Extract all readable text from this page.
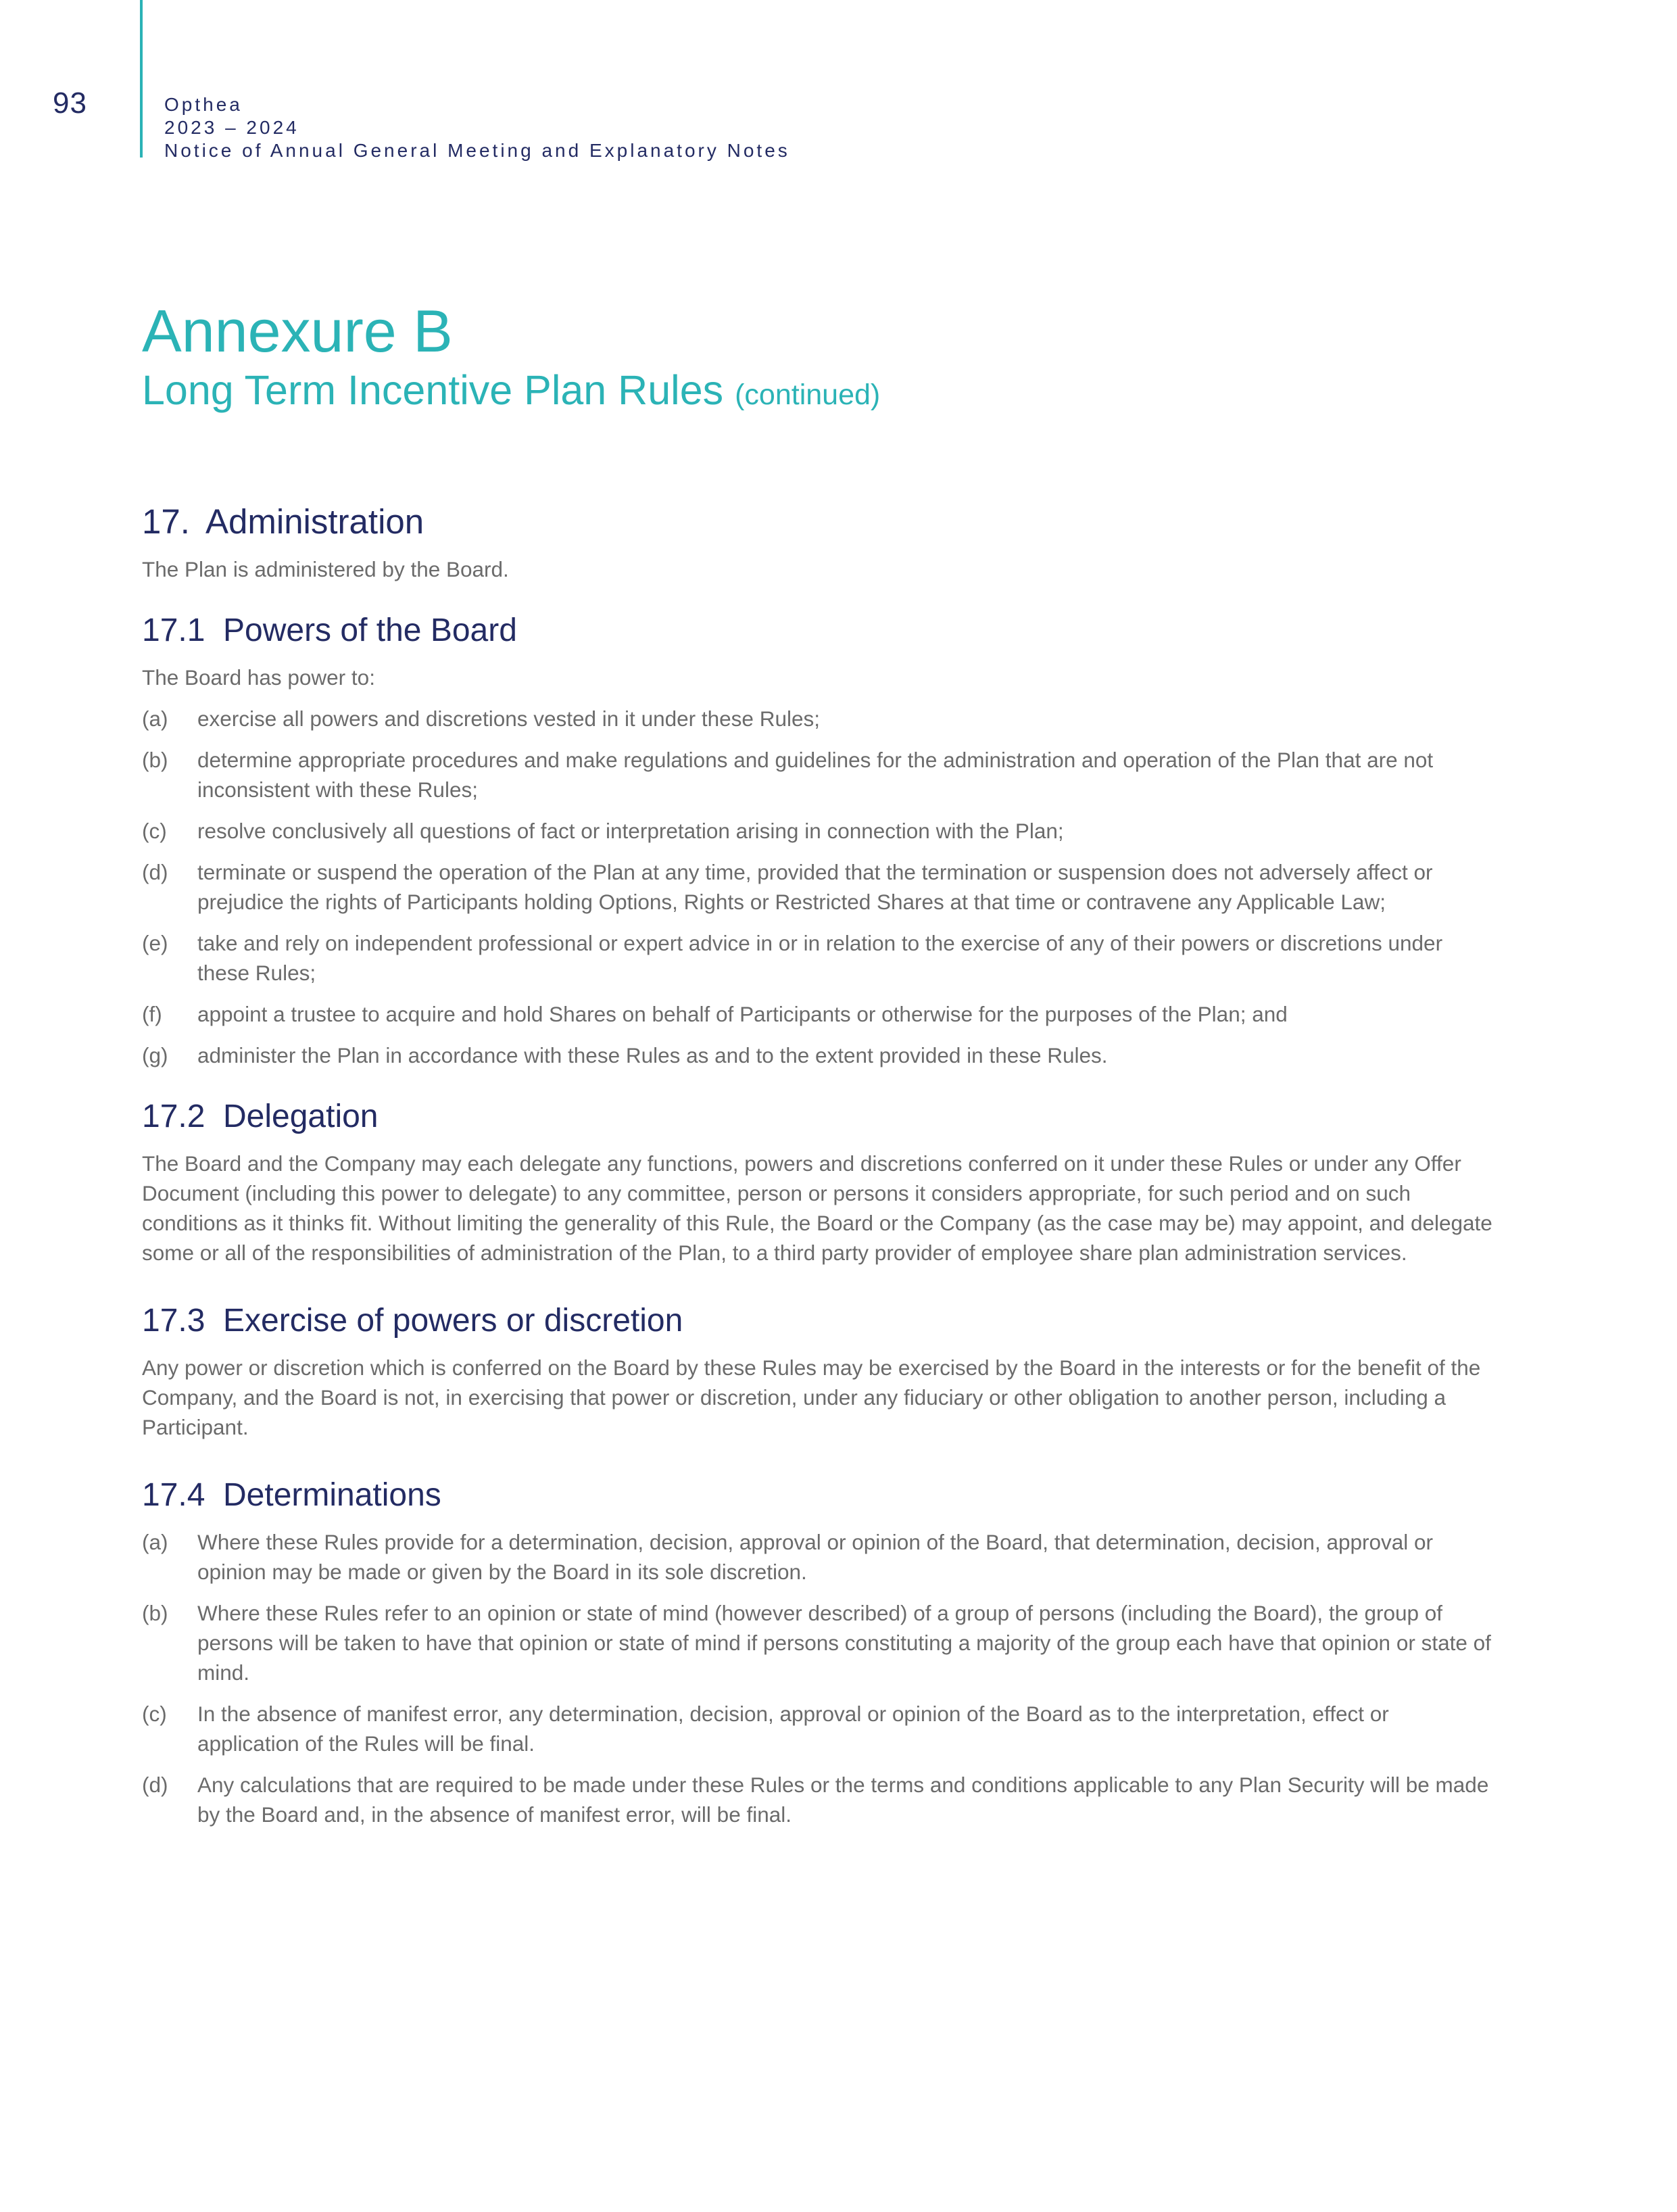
93	Opthea
2023 – 2024
Notice of Annual General Meeting and Explanatory Notes
Annexure B
Long Term Incentive Plan Rules (continued)
17. Administration

The Plan is administered by the Board.

17.1 Powers of the Board

The Board has power to:

(a)	exercise all powers and discretions vested in it under these Rules;
(b)	determine appropriate procedures and make regulations and guidelines for the administration and operation of the Plan that are not inconsistent with these Rules;
(c)	resolve conclusively all questions of fact or interpretation arising in connection with the Plan;
(d)	terminate or suspend the operation of the Plan at any time, provided that the termination or suspension does not adversely affect or prejudice the rights of Participants holding Options, Rights or Restricted Shares at that time or contravene any Applicable Law;
(e)	take and rely on independent professional or expert advice in or in relation to the exercise of any of their powers or discretions under these Rules;
(f)	appoint a trustee to acquire and hold Shares on behalf of Participants or otherwise for the purposes of the Plan; and
(g)	administer the Plan in accordance with these Rules as and to the extent provided in these Rules.
17.2 Delegation

The Board and the Company may each delegate any functions, powers and discretions conferred on it under these Rules or under any Offer Document (including this power to delegate) to any committee, person or persons it considers appropriate, for such period and on such conditions as it thinks fit. Without limiting the generality of this Rule, the Board or the Company (as the case may be) may appoint, and delegate some or all of the responsibilities of administration of the Plan, to a third party provider of employee share plan administration services.

17.3 Exercise of powers or discretion

Any power or discretion which is conferred on the Board by these Rules may be exercised by the Board in the interests or for the benefit of the Company, and the Board is not, in exercising that power or discretion, under any fiduciary or other obligation to another person, including a Participant.

17.4 Determinations
(a)	Where these Rules provide for a determination, decision, approval or opinion of the Board, that determination, decision, approval or opinion may be made or given by the Board in its sole discretion.
(b)	Where these Rules refer to an opinion or state of mind (however described) of a group of persons (including the Board), the group of persons will be taken to have that opinion or state of mind if persons constituting a majority of the group each have that opinion or state of mind.
(c)	In the absence of manifest error, any determination, decision, approval or opinion of the Board as to the interpretation, effect or application of the Rules will be final.
(d)	Any calculations that are required to be made under these Rules or the terms and conditions applicable to any Plan Security will be made by the Board and, in the absence of manifest error, will be final.
